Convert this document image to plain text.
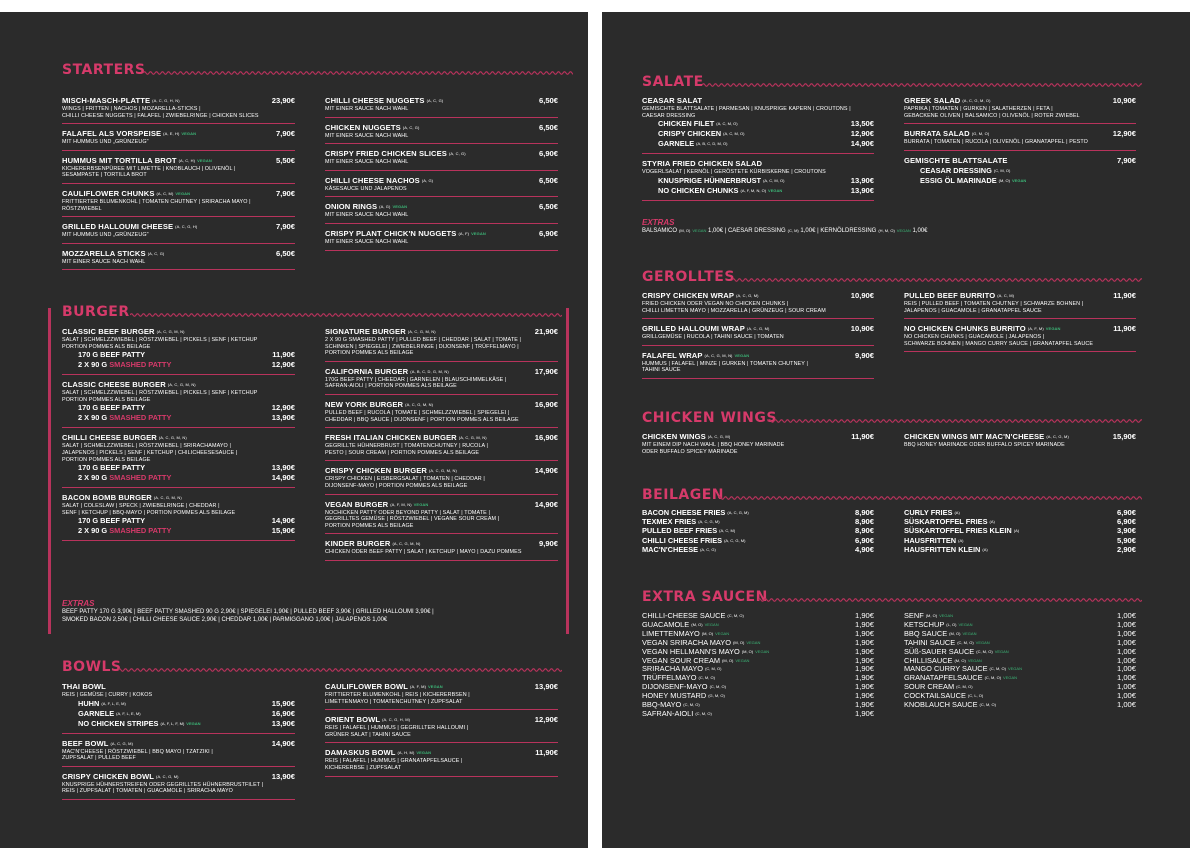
STARTERS
MISCH-MASCH-PLATTE $^{(A, C, G, H, N)}$	23,90€
WINGS | FRITTEN | NACHOS | MOZARELLA-STICKS |
CHILLI CHEESE NUGGETS | FALAFEL | ZWIEBELRINGE | CHICKEN SLICES
FALAFEL ALS VORSPEISE $^{(A, E, H)}$ $^{VEGAN}$	7,90€
MIT HUMMUS UND „GRÜNZEUG"
HUMMUS MIT TORTILLA BROT $^{(A, C, H)}$ $^{VEGAN}$	5,50€
KICHERERBSENPÜREE MIT LIMETTE | KNOBLAUCH | OLIVENÖL |
SESAMPASTE | TORTILLA BROT
CAULIFLOWER CHUNKS $^{(A, C, M)}$ $^{VEGAN}$	7,90€
FRITTIERTER BLUMENKOHL | TOMATEN CHUTNEY | SRIRACHA MAYO |
RÖSTZWIEBEL
GRILLED HALLOUMI CHEESE $^{(A, C, G, H)}$	7,90€
MIT HUMMUS UND „GRÜNZEUG"
MOZZARELLA STICKS $^{(A, C, G)}$	6,50€
MIT EINER SAUCE NACH WAHL
CHILLI CHEESE NUGGETS $^{(A, C, G)}$	6,50€
MIT EINER SAUCE NACH WAHL
CHICKEN NUGGETS $^{(A, C, G)}$	6,50€
MIT EINER SAUCE NACH WAHL
CRISPY FRIED CHICKEN SLICES $^{(A, C, G)}$	6,90€
MIT EINER SAUCE NACH WAHL
CHILLI CHEESE NACHOS $^{(A, G)}$	6,50€
KÄSESAUCE UND JALAPENOS
ONION RINGS $^{(A, G)}$ $^{VEGAN}$	6,50€
MIT EINER SAUCE NACH WAHL
CRISPY PLANT CHICK'N NUGGETS $^{(A, F)}$ $^{VEGAN}$	6,90€
MIT EINER SAUCE NACH WAHL
BURGER
CLASSIC BEEF BURGER $^{(A, C, G, M, N)}$
SALAT | SCHMELZZWIEBEL | RÖSTZWIEBEL | PICKELS | SENF | KETCHUP
PORTION POMMES ALS BEILAGE
170 G BEEF PATTY	11,90€
2 X 90 G SMASHED PATTY	12,90€
CLASSIC CHEESE BURGER $^{(A, C, G, M, N)}$
SALAT | SCHMELZZWIEBEL | RÖSTZWIEBEL | PICKELS | SENF | KETCHUP
PORTION POMMES ALS BEILAGE
170 G BEEF PATTY	12,90€
2 X 90 G SMASHED PATTY	13,90€
CHILLI CHEESE BURGER $^{(A, C, G, M, N)}$
SALAT | SCHMELZZWIEBEL | RÖSTZWIEBEL | SRIRACHAMAYO |
JALAPENOS | PICKELS | SENF | KETCHUP | CHILICHEESESAUCE |
PORTION POMMES ALS BEILAGE
170 G BEEF PATTY	13,90€
2 X 90 G SMASHED PATTY	14,90€
BACON BOMB BURGER $^{(A, C, G, M, N)}$
SALAT | COLESLAW | SPECK | ZWIEBELRINGE | CHEDDAR |
SENF | KETCHUP | BBQ-MAYO | PORTION POMMES ALS BEILAGE
170 G BEEF PATTY	14,90€
2 X 90 G SMASHED PATTY	15,90€
SIGNATURE BURGER $^{(A, C, G, M, N)}$	21,90€
2 X 90 G SMASHED PATTY | PULLED BEEF | CHEDDAR | SALAT | TOMATE |
SCHINKEN | SPIEGELEI | ZWIEBELRINGE | DIJONSENF | TRÜFFELMAYO |
PORTION POMMES ALS BEILAGE
CALIFORNIA BURGER $^{(A, B, C, D, G, M, N)}$	17,90€
170G BEEF PATTY | CHEEDAR | GARNELEN | BLAUSCHIMMELKÄSE |
SAFRAN-AIOLI | PORTION POMMES ALS BEILAGE
NEW YORK BURGER $^{(A, C, G, M, N)}$	16,90€
PULLED BEEF | RUCOLA | TOMATE | SCHMELZZWIEBEL | SPIEGELEI |
CHEDDAR | BBQ SAUCE | DIJONSENF | PORTION POMMES ALS BEILAGE
FRESH ITALIAN CHICKEN BURGER $^{(A, C, G, M, N)}$	16,90€
GEGRILLTE HÜHNERBRUST | TOMATENCHUTNEY | RUCOLA |
PESTO | SOUR CREAM | PORTION POMMES ALS BEILAGE
CRISPY CHICKEN BURGER $^{(A, C, G, M, N)}$	14,90€
CRISPY CHICKEN | EISBERGSALAT | TOMATEN | CHEDDAR |
DIJONSENF-MAYO | PORTION POMMES ALS BEILAGE
VEGAN BURGER $^{(A, F, M, N)}$ $^{VEGAN}$	14,90€
NOCHICKEN PATTY ODER BEYOND PATTY | SALAT | TOMATE |
GEGRILLTES GEMÜSE | RÖSTZWIEBEL | VEGANE SOUR CREAM |
PORTION POMMES ALS BEILAGE
KINDER BURGER $^{(A, C, G, M, N)}$	9,90€
CHICKEN ODER BEEF PATTY | SALAT | KETCHUP | MAYO | DAZU POMMES
EXTRAS
BEEF PATTY 170 G 3,90€ | BEEF PATTY SMASHED 90 G 2,90€ | SPIEGELEI 1,90€ | PULLED BEEF 3,90€ | GRILLED HALLOUMI 3,90€ |
SMOKED BACON 2,50€ | CHILLI CHEESE SAUCE 2,90€ | CHEDDAR 1,00€ | PARMIGGANO 1,00€ | JALAPENOS 1,00€
BOWLS
THAI BOWL
REIS | GEMÜSE | CURRY | KOKOS
HUHN $^{(A, F, L, E, M)}$	15,90€
GARNELE $^{(A, F, L, E, M)}$	16,90€
NO CHICKEN STRIPES $^{(A, F, L, F, M)}$ $^{VEGAN}$	13,90€
BEEF BOWL $^{(A, C, G, M)}$	14,90€
MAC'N'CHEESE | RÖSTZWIEBEL | BBQ MAYO | TZATZIKI |
ZUPFSALAT | PULLED BEEF
CRISPY CHICKEN BOWL $^{(A, C, G, M)}$	13,90€
KNUSPRIGE HÜHNERSTREIFEN ODER GEGRILLTES HÜHNERBRUSTFILET |
REIS | ZUPFSALAT | TOMATEN | GUACAMOLE | SRIRACHA MAYO
CAULIFLOWER BOWL $^{(A, F, M)}$ $^{VEGAN}$	13,90€
FRITTIERTER BLUMENKOHL | REIS | KICHERERBSEN |
LIMETTENMAYO | TOMATENCHUTNEY | ZUPFSALAT
ORIENT BOWL $^{(A, C, G, H, M)}$	12,90€
REIS | FALAFEL | HUMMUS | GEGRILLTER HALLOUMI |
GRÜNER SALAT | TAHINI SAUCE
DAMASKUS BOWL $^{(A, H, M)}$ $^{VEGAN}$	11,90€
REIS | FALAFEL | HUMMUS | GRANATAPFELSAUCE |
KICHERERBSE | ZUPFSALAT
SALATE
CEASAR SALAT
GEMISCHTE BLATTSALATE | PARMESAN | KNUSPRIGE KAPERN | CROUTONS |
CAESAR DRESSING
CHICKEN FILET $^{(A, C, M, O)}$	13,50€
CRISPY CHICKEN $^{(A, C, M, O)}$	12,90€
GARNELE $^{(A, B, C, D, M, O)}$	14,90€
STYRIA FRIED CHICKEN SALAD
VOGERLSALAT | KERNÖL | GERÖSTETE KÜRBISKERNE | CROUTONS
KNUSPRIGE HÜHNERBRUST $^{(A, C, M, O)}$	13,90€
NO CHICKEN CHUNKS $^{(A, F, M, N, O)}$ $^{VEGAN}$	13,90€
GREEK SALAD $^{(A, C, G, M, O)}$	10,90€
PAPRIKA | TOMATEN | GURKEN | SALATHERZEN | FETA |
GEBACKENE OLIVEN | BALSAMICO | OLIVENÖL | ROTER ZWIEBEL
BURRATA SALAD $^{(G, M, O)}$	12,90€
BURRATA | TOMATEN | RUCOLA | OLIVENÖL | GRANATAPFEL | PESTO
GEMISCHTE BLATTSALATE	7,90€
CEASAR DRESSING $^{(C, M, O)}$
ESSIG ÖL MARINADE $^{(M, O)}$ $^{VEGAN}$
EXTRAS
BALSAMICO $^{(M, O)}$ $^{VEGAN}$ 1,00€ | CAESAR DRESSING $^{(C, M)}$ 1,00€ | KERNÖLDRESSING $^{(H, M, O)}$ $^{VEGAN}$ 1,00€
GEROLLTES
CRISPY CHICKEN WRAP $^{(A, C, G, M)}$	10,90€
FRIED CHICKEN ODER VEGAN NO CHICKEN CHUNKS |
CHILLI LIMETTEN MAYO | MOZZARELLA | GRÜNZEUG | SOUR CREAM
GRILLED HALLOUMI WRAP $^{(A, C, G, M)}$	10,90€
GRILLGEMÜSE | RUCOLA | TAHINI SAUCE | TOMATEN
FALAFEL WRAP $^{(A, C, G, M, N)}$ $^{VEGAN}$	9,90€
HUMMUS | FALAFEL | MINZE | GURKEN | TOMATEN CHUTNEY |
TAHINI SAUCE
PULLED BEEF BURRITO $^{(A, C, M)}$	11,90€
REIS | PULLED BEEF | TOMATEN CHUTNEY | SCHWARZE BOHNEN |
JALAPENOS | GUACAMOLE | GRANATAPFEL SAUCE
NO CHICKEN CHUNKS BURRITO $^{(A, F, M)}$ $^{VEGAN}$	11,90€
NO CHICKEN CHUNKS | GUACAMOLE | JALAPENOS |
SCHWARZE BOHNEN | MANGO CURRY SAUCE | GRANATAPFEL SAUCE
CHICKEN WINGS
CHICKEN WINGS $^{(A, C, G, M)}$	11,90€
MIT EINEM DIP NACH WAHL | BBQ HONEY MARINADE
ODER BUFFALO SPICEY MARINADE
CHICKEN WINGS MIT MAC'N'CHEESE $^{(A, C, G, M)}$	15,90€
BBQ HONEY MARINADE ODER BUFFALO SPICEY MARINADE
BEILAGEN
BACON CHEESE FRIES $^{(A, C, G, M)}$	8,90€
TEXMEX FRIES $^{(A, C, G, M)}$	8,90€
PULLED BEEF FRIES $^{(A, C, M)}$	8,90€
CHILLI CHEESE FRIES $^{(A, C, G, M)}$	6,90€
MAC'N'CHEESE $^{(A, C, G)}$	4,90€
CURLY FRIES $^{(A)}$	6,90€
SÜSKARTOFFEL FRIES $^{(A)}$	6,90€
SÜSKARTOFFEL FRIES KLEIN $^{(A)}$	3,90€
HAUSFRITTEN $^{(A)}$	5,90€
HAUSFRITTEN KLEIN $^{(A)}$	2,90€
EXTRA SAUCEN
CHILLI-CHEESE SAUCE $^{(C, M, O)}$	1,90€
GUACAMOLE $^{(M, O)}$ $^{VEGAN}$	1,90€
LIMETTENMAYO $^{(M, O)}$ $^{VEGAN}$	1,90€
VEGAN SRIRACHA MAYO $^{(M, O)}$ $^{VEGAN}$	1,90€
VEGAN HELLMANN'S MAYO $^{(M, O)}$ $^{VEGAN}$	1,90€
VEGAN SOUR CREAM $^{(M, O)}$ $^{VEGAN}$	1,90€
SRIRACHA MAYO $^{(C, M, O)}$	1,90€
TRÜFFELMAYO $^{(C, M, O)}$	1,90€
DIJONSENF-MAYO $^{(C, M, O)}$	1,90€
HONEY MUSTARD $^{(G, M, O)}$	1,90€
BBQ-MAYO $^{(C, M, O)}$	1,90€
SAFRAN-AIOLI $^{(C, M, O)}$	1,90€
SENF $^{(M, O)}$ $^{VEGAN}$	1,00€
KETSCHUP $^{(L, O)}$ $^{VEGAN}$	1,00€
BBQ SAUCE $^{(M, O)}$ $^{VEGAN}$	1,00€
TAHINI SAUCE $^{(C, M, O)}$ $^{VEGAN}$	1,00€
SÜß-SAUER SAUCE $^{(C, M, O)}$ $^{VEGAN}$	1,00€
CHILLISAUCE $^{(M, O)}$ $^{VEGAN}$	1,00€
MANGO CURRY SAUCE $^{(C, M, O)}$ $^{VEGAN}$	1,00€
GRANATAPFELSAUCE $^{(C, M, O)}$ $^{VEGAN}$	1,00€
SOUR CREAM $^{(C, M, O)}$	1,00€
COCKTAILSAUCE $^{(C, L, O)}$	1,00€
KNOBLAUCH SAUCE $^{(C, M, O)}$	1,00€
